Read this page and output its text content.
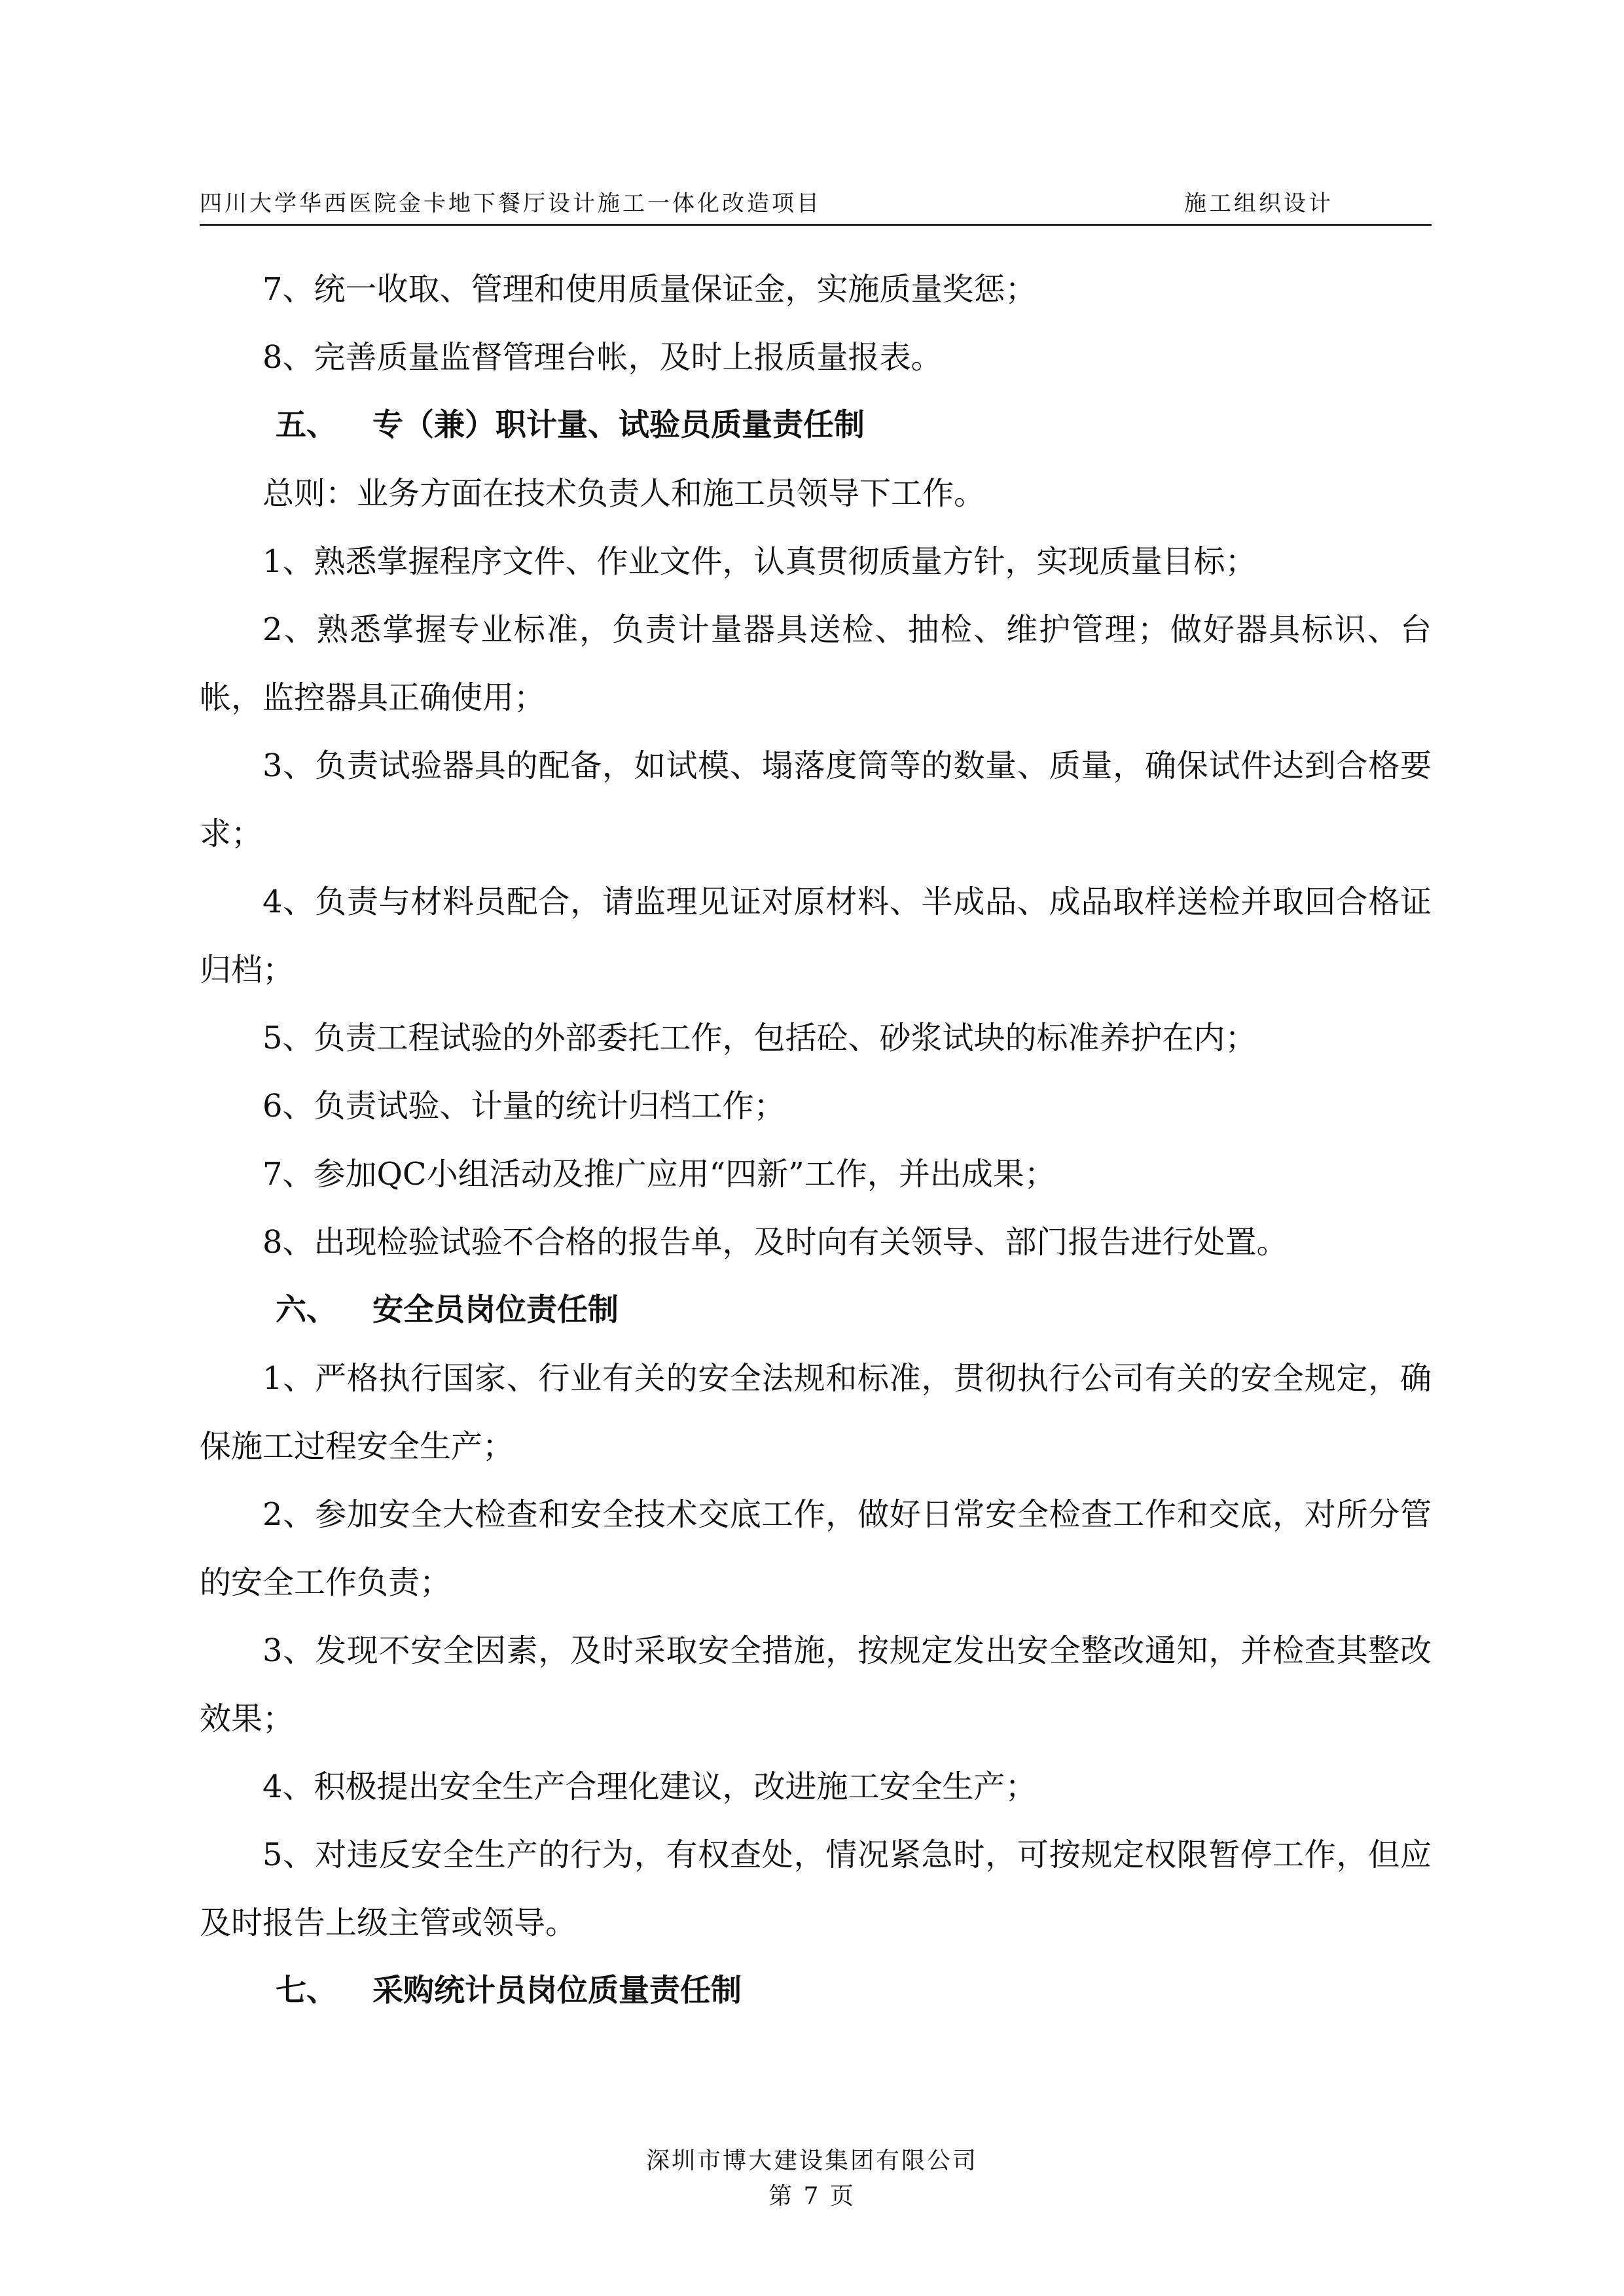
四川大学华西医院金卡地下餐厅设计施工一体化改造项目	施工组织设计

7、统一收取、管理和使用质量保证金，实施质量奖惩；

8、完善质量监督管理台帐，及时上报质量报表。

五、 专（兼）职计量、试验员质量责任制

总则：业务方面在技术负责人和施工员领导下工作。

1、熟悉掌握程序文件、作业文件，认真贯彻质量方针，实现质量目标；

2、熟悉掌握专业标准，负责计量器具送检、抽检、维护管理；做好器具标识、台帐，监控器具正确使用；

3、负责试验器具的配备，如试模、塌落度筒等的数量、质量，确保试件达到合格要求；

4、负责与材料员配合，请监理见证对原材料、半成品、成品取样送检并取回合格证归档；

5、负责工程试验的外部委托工作，包括砼、砂浆试块的标准养护在内；

6、负责试验、计量的统计归档工作；

7、参加QC小组活动及推广应用“四新”工作，并出成果；

8、出现检验试验不合格的报告单，及时向有关领导、部门报告进行处置。

六、 安全员岗位责任制

1、严格执行国家、行业有关的安全法规和标准，贯彻执行公司有关的安全规定，确保施工过程安全生产；

2、参加安全大检查和安全技术交底工作，做好日常安全检查工作和交底，对所分管的安全工作负责；

3、发现不安全因素，及时采取安全措施，按规定发出安全整改通知，并检查其整改效果；

4、积极提出安全生产合理化建议，改进施工安全生产；

5、对违反安全生产的行为，有权查处，情况紧急时，可按规定权限暂停工作，但应及时报告上级主管或领导。

七、 采购统计员岗位质量责任制

深圳市博大建设集团有限公司
第 7 页
